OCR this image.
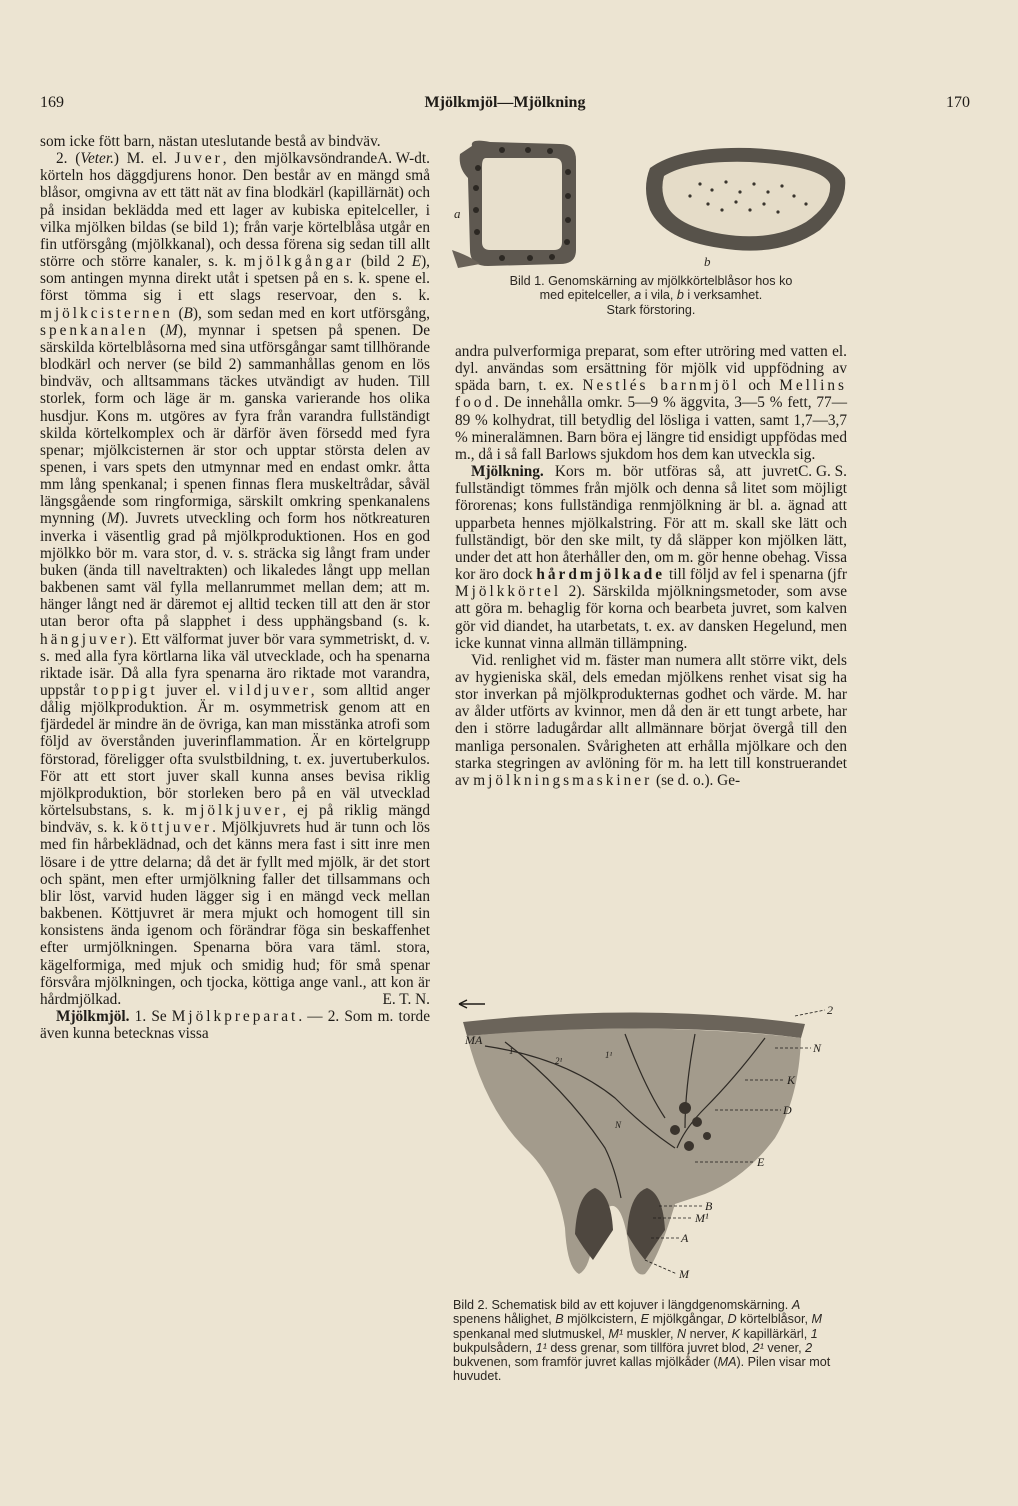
169	Mjölkmjöl—Mjölkning	170

som icke fött barn, nästan uteslutande bestå av bindväv.
A. W-dt.

2. (Veter.) M. el. Juver, den mjölkavsöndrande körteln hos däggdjurens honor. Den består av en mängd små blåsor, omgivna av ett tätt nät av fina blodkärl (kapillärnät) och på insidan beklädda med ett lager av kubiska epitelceller, i vilka mjölken bildas (se bild 1); från varje körtelblåsa utgår en fin utförsgång (mjölkkanal), och dessa förena sig sedan till allt större och större kanaler, s. k. mjölkgångar (bild 2 E), som antingen mynna direkt utåt i spetsen på en s. k. spene el. först tömma sig i ett slags reservoar, den s. k. mjölkcisternen (B), som sedan med en kort utförsgång, spenkanalen (M), mynnar i spetsen på spenen. De särskilda körtelblåsorna med sina utförsgångar samt tillhörande blodkärl och nerver (se bild 2) sammanhållas genom en lös bindväv, och alltsammans täckes utvändigt av huden. Till storlek, form och läge är m. ganska varierande hos olika husdjur. Kons m. utgöres av fyra från varandra fullständigt skilda körtelkomplex och är därför även försedd med fyra spenar; mjölkcisternen är stor och upptar största delen av spenen, i vars spets den utmynnar med en endast omkr. åtta mm lång spenkanal; i spenen finnas flera muskeltrådar, såväl längsgående som ringformiga, särskilt omkring spenkanalens mynning (M). Juvrets utveckling och form hos nötkreaturen inverka i väsentlig grad på mjölkproduktionen. Hos en god mjölkko bör m. vara stor, d. v. s. sträcka sig långt fram under buken (ända till naveltrakten) och likaledes långt upp mellan bakbenen samt väl fylla mellanrummet mellan dem; att m. hänger långt ned är däremot ej alltid tecken till att den är stor utan beror ofta på slapphet i dess upphängsband (s. k. hängjuver). Ett välformat juver bör vara symmetriskt, d. v. s. med alla fyra körtlarna lika väl utvecklade, och ha spenarna riktade isär. Då alla fyra spenarna äro riktade mot varandra, uppstår toppigt juver el. vildjuver, som alltid anger dålig mjölkproduktion. Är m. osymmetrisk genom att en fjärdedel är mindre än de övriga, kan man misstänka atrofi som följd av överstånden juverinflammation. Är en körtelgrupp förstorad, föreligger ofta svulstbildning, t. ex. juvertuberkulos. För att ett stort juver skall kunna anses bevisa riklig mjölkproduktion, bör storleken bero på en väl utvecklad körtelsubstans, s. k. mjölkjuver, ej på riklig mängd bindväv, s. k. köttjuver. Mjölkjuvrets hud är tunn och lös med fin hårbeklädnad, och det känns mera fast i sitt inre men lösare i de yttre delarna; då det är fyllt med mjölk, är det stort och spänt, men efter urmjölkning faller det tillsammans och blir löst, varvid huden lägger sig i en mängd veck mellan bakbenen. Köttjuvret är mera mjukt och homogent till sin konsistens ända igenom och förändrar föga sin beskaffenhet efter urmjölkningen. Spenarna böra vara täml. stora, kägelformiga, med mjuk och smidig hud; för små spenar försvåra mjölkningen, och tjocka, köttiga ange vanl., att kon är hårdmjölkad.	E. T. N.

Mjölkmjöl. 1. Se Mjölkpreparat. — 2. Som m. torde även kunna betecknas vissa

a
b
Bild 1. Genomskärning av mjölkkörtelblåsor hos ko
med epitelceller, a i vila, b i verksamhet.
Stark förstoring.

andra pulverformiga preparat, som efter utröring med vatten el. dyl. användas som ersättning för mjölk vid uppfödning av späda barn, t. ex. Nestlés barnmjöl och Mellins food. De innehålla omkr. 5—9 % äggvita, 3—5 % fett, 77—89 % kolhydrat, till betydlig del lösliga i vatten, samt 1,7—3,7 % mineralämnen. Barn böra ej längre tid ensidigt uppfödas med m., då i så fall Barlows sjukdom hos dem kan utveckla sig.
C. G. S.

Mjölkning. Kors m. bör utföras så, att juvret fullständigt tömmes från mjölk och denna så litet som möjligt förorenas; kons fullständiga renmjölkning är bl. a. ägnad att upparbeta hennes mjölkalstring. För att m. skall ske lätt och fullständigt, bör den ske milt, ty då släpper kon mjölken lätt, under det att hon återhåller den, om m. gör henne obehag. Vissa kor äro dock hårdmjölkade till följd av fel i spenarna (jfr Mjölkkörtel 2). Särskilda mjölkningsmetoder, som avse att göra m. behaglig för korna och bearbeta juvret, som kalven gör vid diandet, ha utarbetats, t. ex. av dansken Hegelund, men icke kunnat vinna allmän tillämpning.

Vid. renlighet vid m. fäster man numera allt större vikt, dels av hygieniska skäl, dels emedan mjölkens renhet visat sig ha stor inverkan på mjölkprodukternas godhet och värde. M. har av ålder utförts av kvinnor, men då den är ett tungt arbete, har den i större ladugårdar allt allmännare börjat övergå till den manliga personalen. Svårigheten att erhålla mjölkare och den starka stegringen av avlöning för m. ha lett till konstruerandet av mjölkningsmaskiner (se d. o.). Ge-

MA
2
N
K
D
E
B
M¹
A
M
1
2¹
1¹
N
Bild 2. Schematisk bild av ett kojuver i längdgenomskärning. A spenens hålighet, B mjölkcistern, E mjölkgångar, D körtelblåsor, M spenkanal med slutmuskel, M¹ muskler, N nerver, K kapillärkärl, 1 bukpulsådern, 1¹ dess grenar, som tillföra juvret blod, 2¹ vener, 2 bukvenen, som framför juvret kallas mjölkåder (MA). Pilen visar mot huvudet.
